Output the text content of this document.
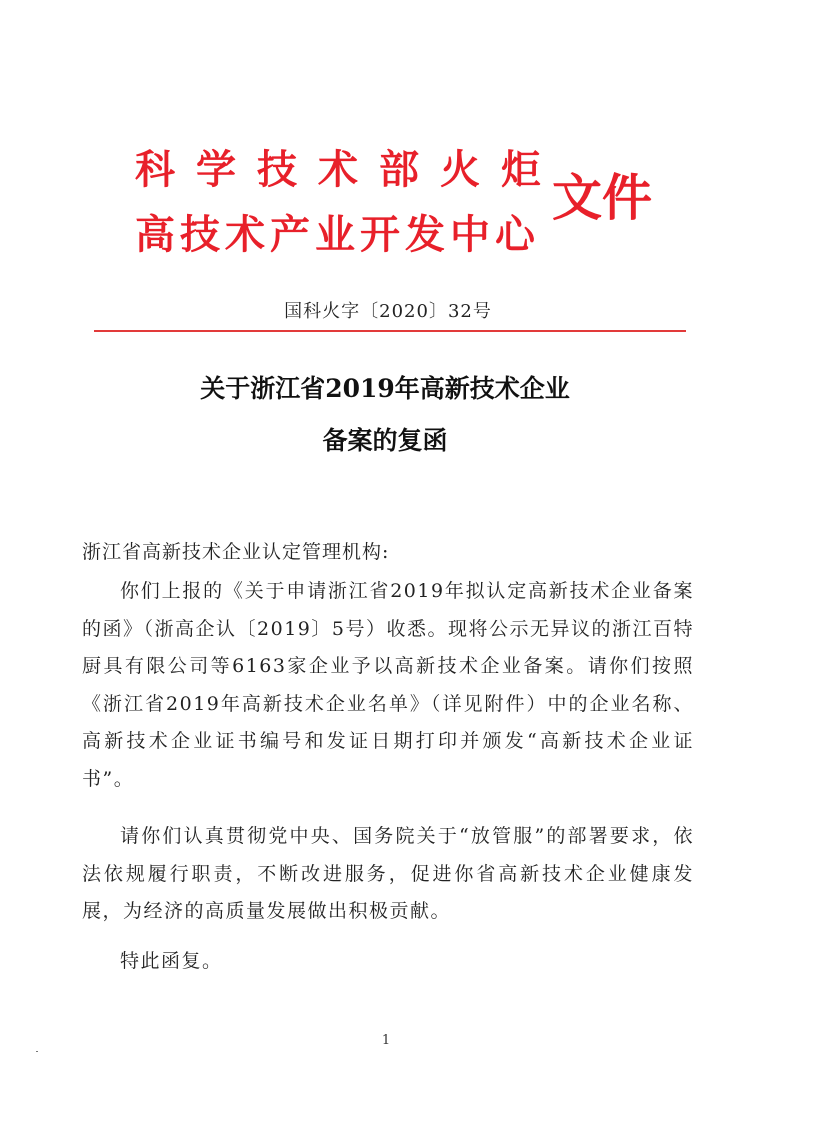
科学技术部火炬
高技术产业开发中心
文件
国科火字〔2020〕32号
关于浙江省2019年高新技术企业
备案的复函
浙江省高新技术企业认定管理机构:
你们上报的《关于申请浙江省2019年拟认定高新技术企业备案的函》（浙高企认〔2019〕5号）收悉。现将公示无异议的浙江百特厨具有限公司等6163家企业予以高新技术企业备案。请你们按照《浙江省2019年高新技术企业名单》（详见附件）中的企业名称、高新技术企业证书编号和发证日期打印并颁发“高新技术企业证书”。
请你们认真贯彻党中央、国务院关于“放管服”的部署要求，依法依规履行职责，不断改进服务，促进你省高新技术企业健康发展，为经济的高质量发展做出积极贡献。
特此函复。
1
